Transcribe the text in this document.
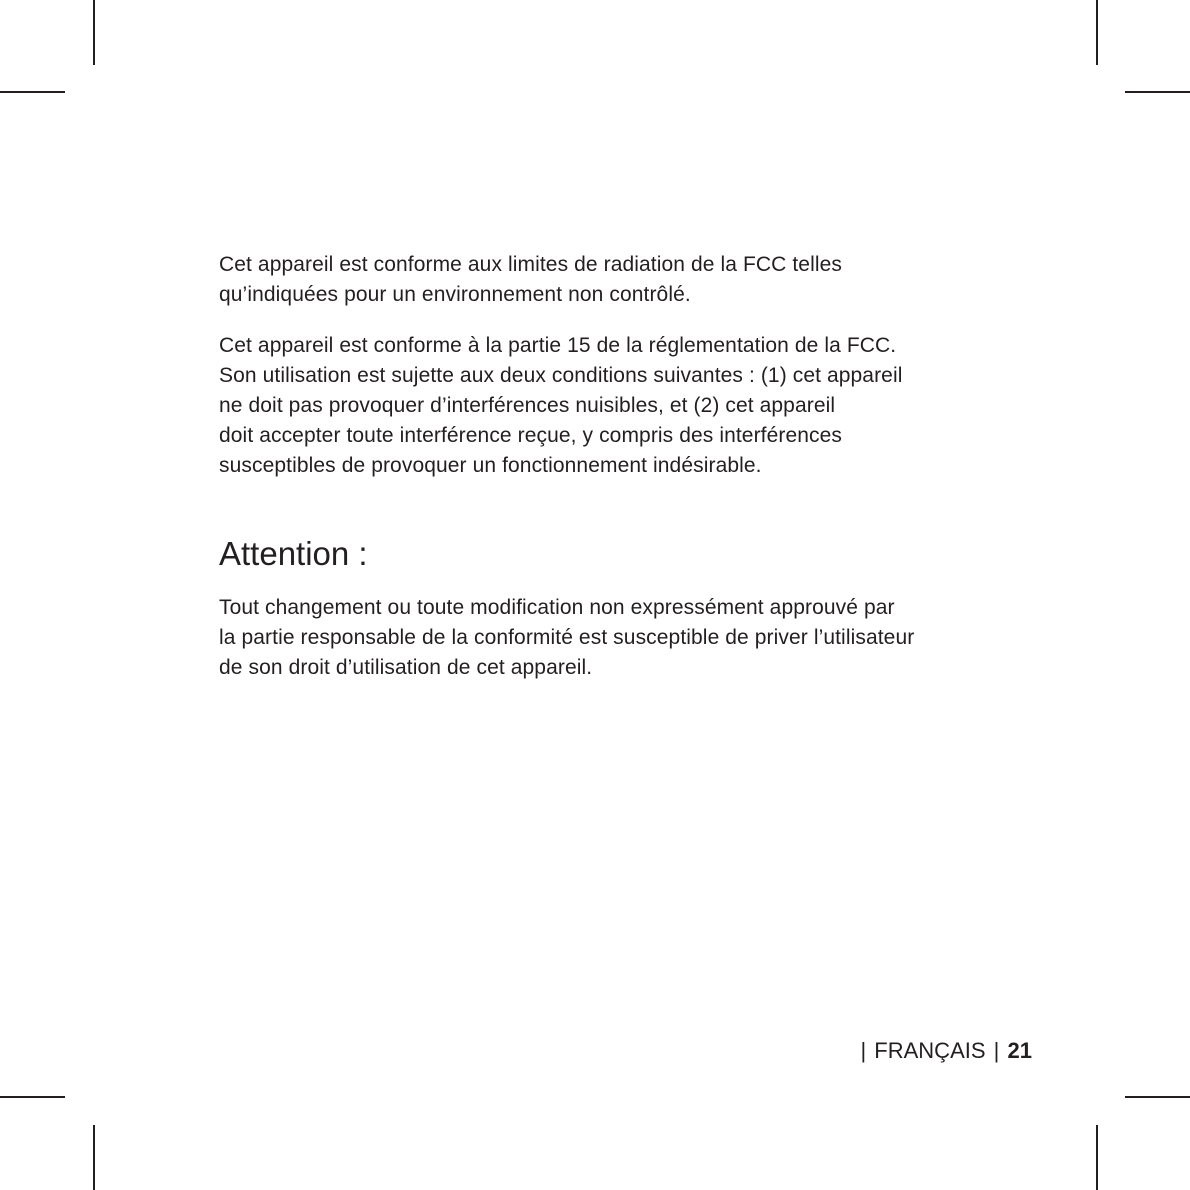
Cet appareil est conforme aux limites de radiation de la FCC telles
qu’indiquées pour un environnement non contrôlé.

Cet appareil est conforme à la partie 15 de la réglementation de la FCC.
Son utilisation est sujette aux deux conditions suivantes : (1) cet appareil
ne doit pas provoquer d’interférences nuisibles, et (2) cet appareil
doit accepter toute interférence reçue, y compris des interférences
susceptibles de provoquer un fonctionnement indésirable.

Attention :

Tout changement ou toute modification non expressément approuvé par
la partie responsable de la conformité est susceptible de priver l’utilisateur
de son droit d’utilisation de cet appareil.

| FRANÇAIS | 21
